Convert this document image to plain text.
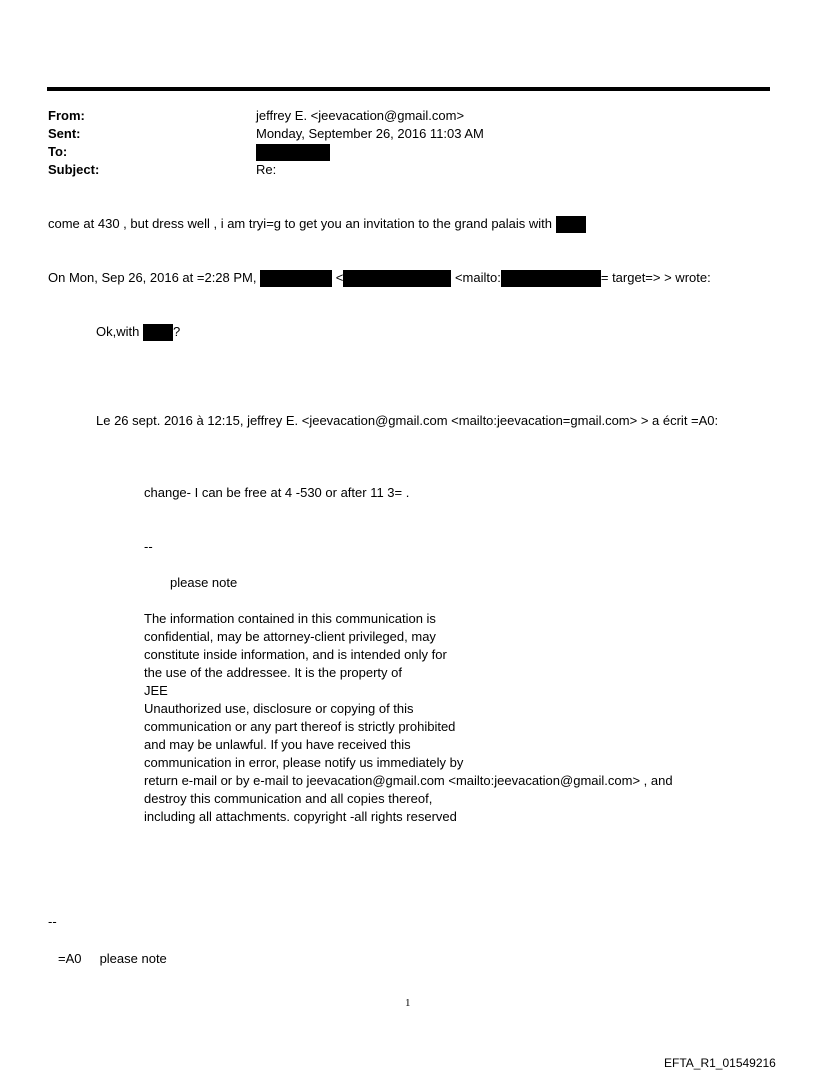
From:	jeffrey E. <jeevacation@gmail.com>
Sent:	Monday, September 26, 2016 11:03 AM
To:
Subject:	Re:
come at 430 , but dress well , i am tryi=g to get you an invitation to the grand palais with
On Mon, Sep 26, 2016 at =2:28 PM,	<	<mailto:	= target=> > wrote:
Ok,with	?
Le 26 sept. 2016 à 12:15, jeffrey E. <jeevacation@gmail.com <mailto:jeevacation=gmail.com> > a écrit =A0:
change- I can be free at 4 -530 or after 11 3= .
--
please note
The information contained in this communication is
confidential, may be attorney-client privileged, may
constitute inside information, and is intended only for
the use of the addressee. It is the property of
JEE
Unauthorized use, disclosure or copying of this
communication or any part thereof is strictly prohibited
and may be unlawful. If you have received this
communication in error, please notify us immediately by
return e-mail or by e-mail to jeevacation@gmail.com <mailto:jeevacation@gmail.com> , and
destroy this communication and all copies thereof,
including all attachments. copyright -all rights reserved
--
=A0 please note
1
EFTA_R1_01549216
